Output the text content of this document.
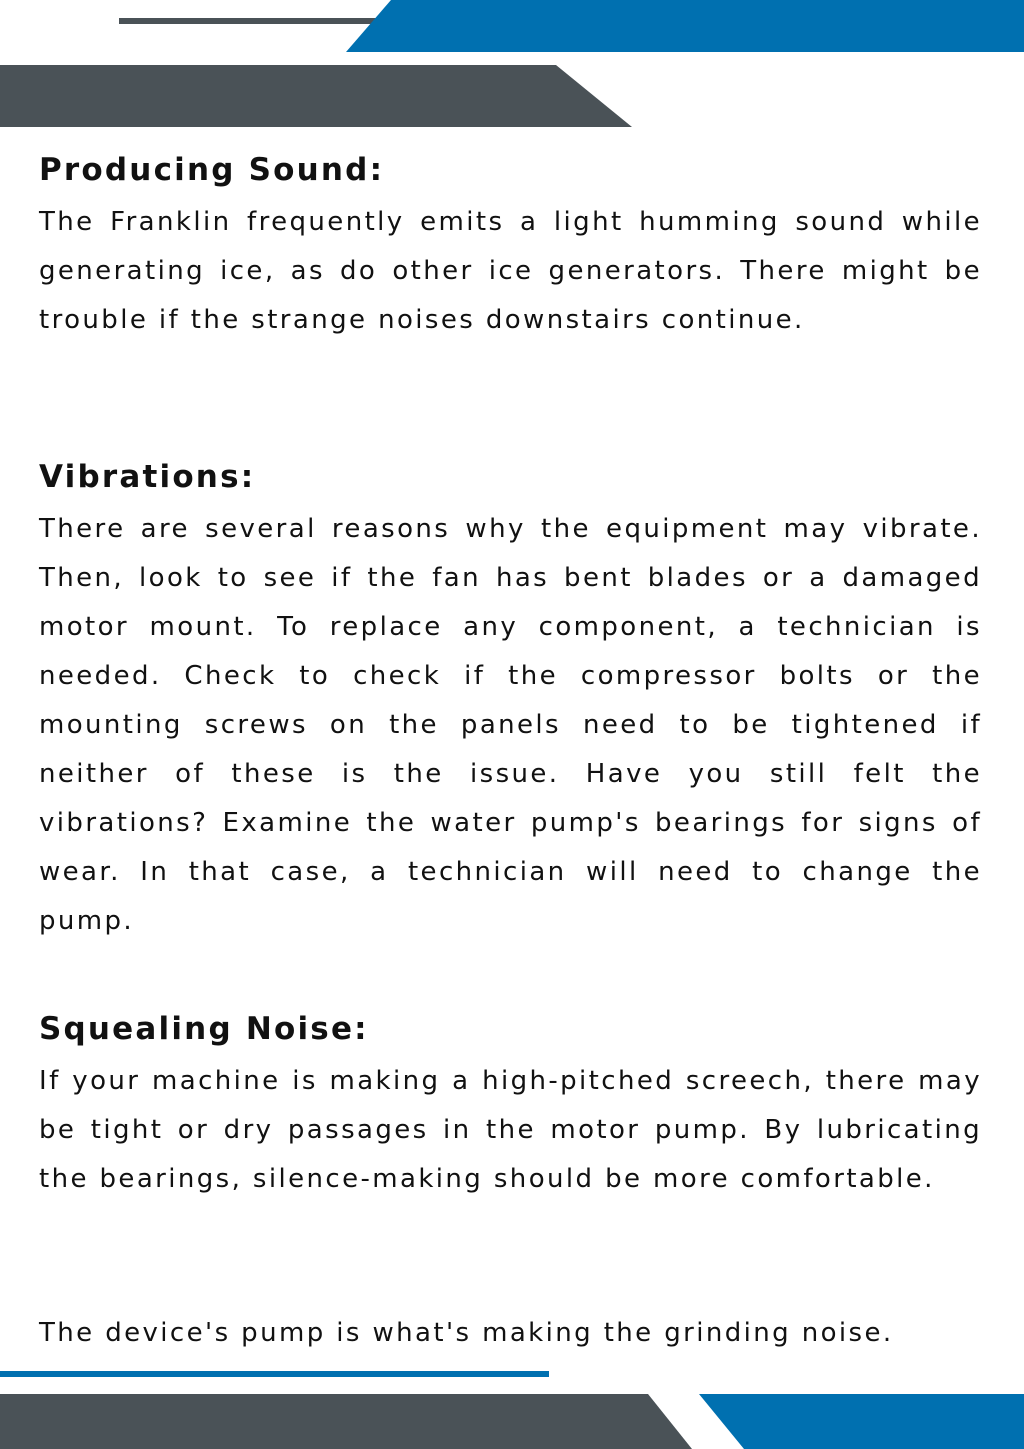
Producing Sound:

The Franklin frequently emits a light humming sound while generating ice, as do other ice generators. There might be trouble if the strange noises downstairs continue.

Vibrations:

There are several reasons why the equipment may vibrate. Then, look to see if the fan has bent blades or a damaged motor mount. To replace any component, a technician is needed. Check to check if the compressor bolts or the mounting screws on the panels need to be tightened if neither of these is the issue. Have you still felt the vibrations? Examine the water pump's bearings for signs of wear. In that case, a technician will need to change the pump.

Squealing Noise:

If your machine is making a high-pitched screech, there may be tight or dry passages in the motor pump. By lubricating the bearings, silence-making should be more comfortable.

The device's pump is what's making the grinding noise.
